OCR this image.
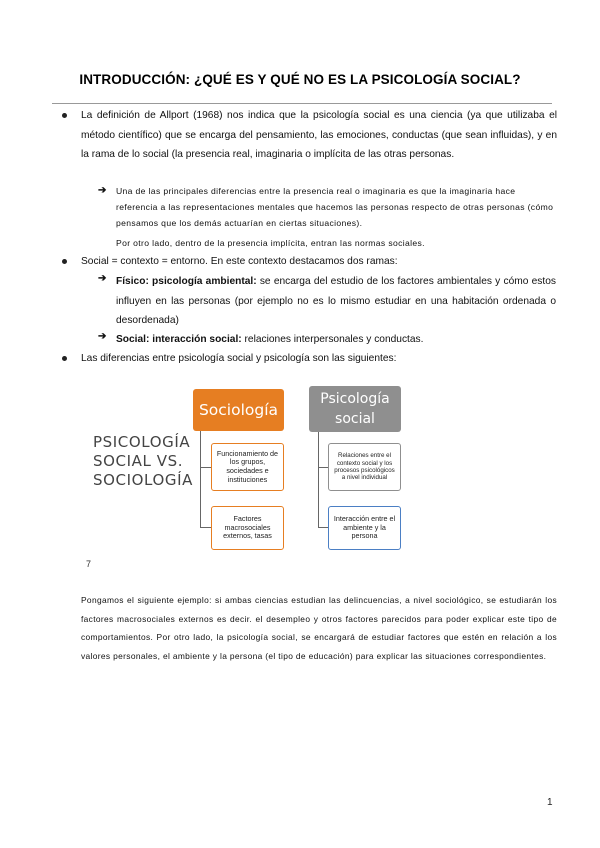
INTRODUCCIÓN: ¿QUÉ ES Y QUÉ NO ES LA PSICOLOGÍA SOCIAL?
La definición de Allport (1968) nos indica que la psicología social es una ciencia (ya que utilizaba el método científico) que se encarga del pensamiento, las emociones, conductas (que sean influidas), y en la rama de lo social (la presencia real, imaginaria o implícita de las otras personas.
➔ Una de las principales diferencias entre la presencia real o imaginaria es que la imaginaria hace referencia a las representaciones mentales que hacemos las personas respecto de otras personas (cómo pensamos que los demás actuarían en ciertas situaciones).
Por otro lado, dentro de la presencia implícita, entran las normas sociales.
Social = contexto = entorno. En este contexto destacamos dos ramas:
➔ Físico: psicología ambiental: se encarga del estudio de los factores ambientales y cómo estos influyen en las personas (por ejemplo no es lo mismo estudiar en una habitación ordenada o desordenada)
➔ Social: interacción social: relaciones interpersonales y conductas.
Las diferencias entre psicología social y psicología son las siguientes:
PSICOLOGÍA
SOCIAL VS.
SOCIOLOGÍA
Sociología
Funcionamiento de los grupos, sociedades e instituciones
Factores macrosociales externos, tasas
Psicología
social
Relaciones entre el contexto social y los procesos psicológicos a nivel individual
Interacción entre el ambiente y la persona
7
Pongamos el siguiente ejemplo: si ambas ciencias estudian las delincuencias, a nivel sociológico, se estudiarán los factores macrosociales externos es decir. el desempleo y otros factores parecidos para poder explicar este tipo de comportamientos. Por otro lado, la psicología social, se encargará de estudiar factores que estén en relación a los valores personales, el ambiente y la persona (el tipo de educación) para explicar las situaciones correspondientes.
1
